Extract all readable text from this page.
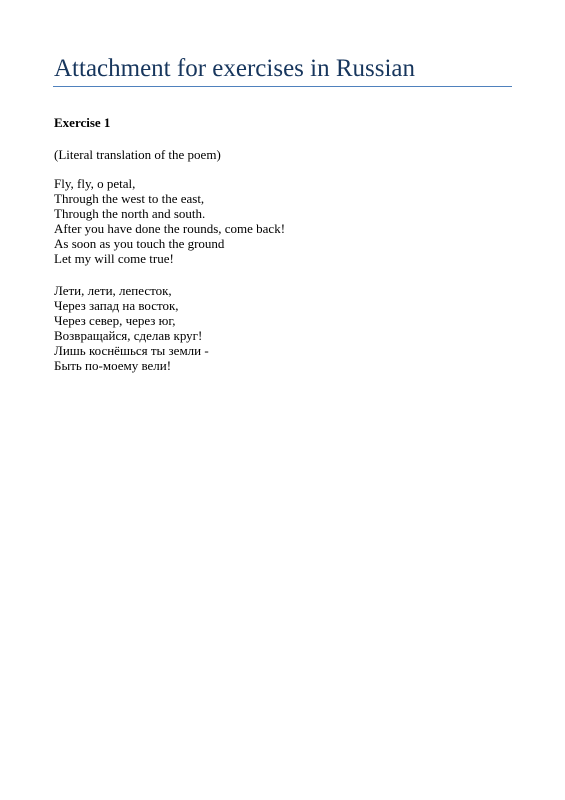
Attachment for exercises in Russian
Exercise 1
(Literal translation of the poem)
Fly, fly, o petal,
Through the west to the east,
Through the north and south.
After you have done the rounds, come back!
As soon as you touch the ground
Let my will come true!
Лети, лети, лепесток,
Через запад на восток,
Через север, через юг,
Возвращайся, сделав круг!
Лишь коснёшься ты земли -
Быть по-моему вели!
